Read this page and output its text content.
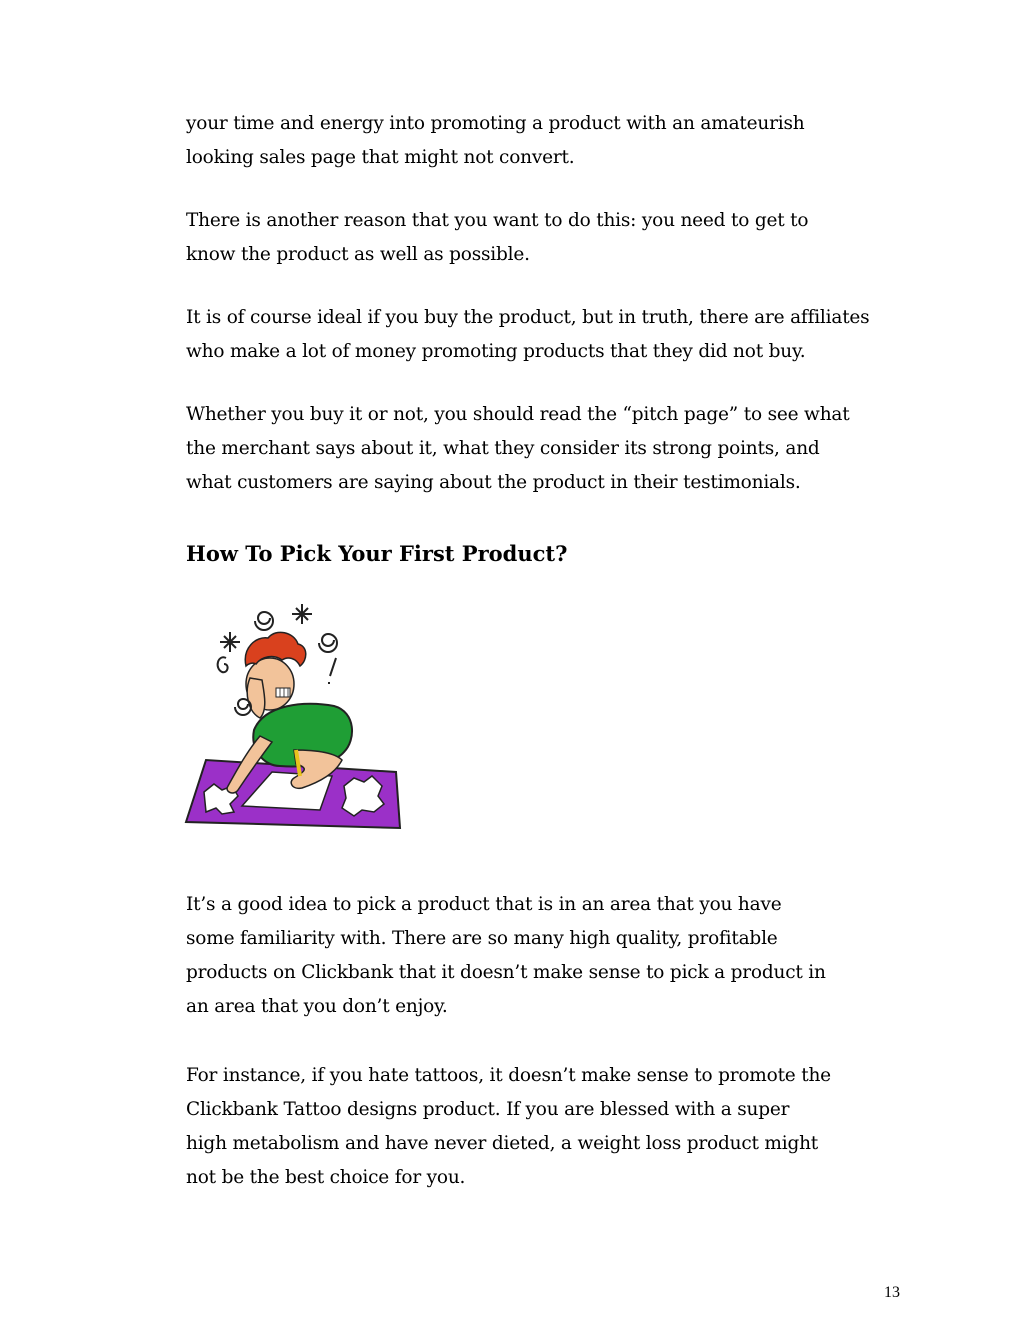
your time and energy into promoting a product with an amateurish
looking sales page that might not convert.
There is another reason that you want to do this: you need to get to
know the product as well as possible.
It is of course ideal if you buy the product, but in truth, there are affiliates
who make a lot of money promoting products that they did not buy.
Whether you buy it or not, you should read the “pitch page” to see what
the merchant says about it, what they consider its strong points, and
what customers are saying about the product in their testimonials.
How To Pick Your First Product?
It’s a good idea to pick a product that is in an area that you have
some familiarity with. There are so many high quality, profitable
products on Clickbank that it doesn’t make sense to pick a product in
an area that you don’t enjoy.
For instance, if you hate tattoos, it doesn’t make sense to promote the
Clickbank Tattoo designs product. If you are blessed with a super
high metabolism and have never dieted, a weight loss product might
not be the best choice for you.
13
